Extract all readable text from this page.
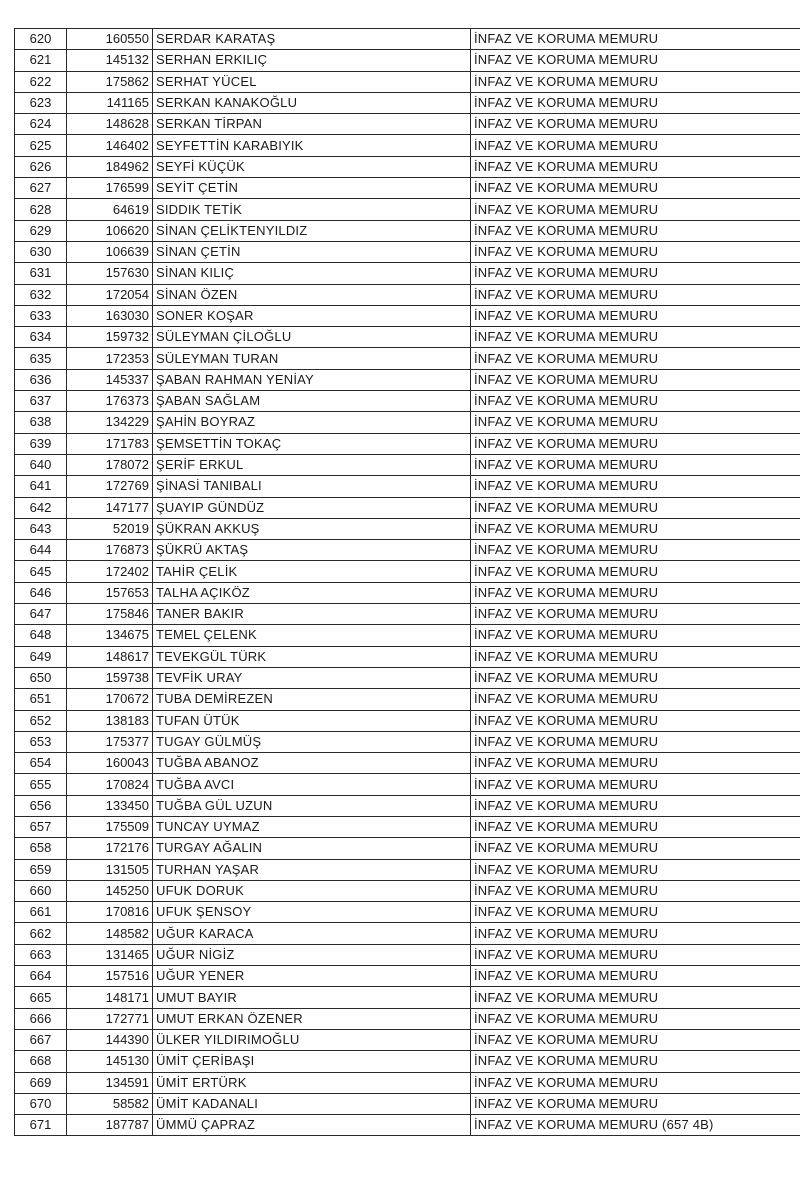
620	160550	SERDAR KARATAŞ	İNFAZ VE KORUMA MEMURU
621	145132	SERHAN ERKILIÇ	İNFAZ VE KORUMA MEMURU
622	175862	SERHAT YÜCEL	İNFAZ VE KORUMA MEMURU
623	141165	SERKAN KANAKOĞLU	İNFAZ VE KORUMA MEMURU
624	148628	SERKAN TİRPAN	İNFAZ VE KORUMA MEMURU
625	146402	SEYFETTİN KARABIYIK	İNFAZ VE KORUMA MEMURU
626	184962	SEYFİ KÜÇÜK	İNFAZ VE KORUMA MEMURU
627	176599	SEYİT ÇETİN	İNFAZ VE KORUMA MEMURU
628	64619	SIDDIK TETİK	İNFAZ VE KORUMA MEMURU
629	106620	SİNAN ÇELİKTENYILDIZ	İNFAZ VE KORUMA MEMURU
630	106639	SİNAN ÇETİN	İNFAZ VE KORUMA MEMURU
631	157630	SİNAN KILIÇ	İNFAZ VE KORUMA MEMURU
632	172054	SİNAN ÖZEN	İNFAZ VE KORUMA MEMURU
633	163030	SONER KOŞAR	İNFAZ VE KORUMA MEMURU
634	159732	SÜLEYMAN ÇİLOĞLU	İNFAZ VE KORUMA MEMURU
635	172353	SÜLEYMAN TURAN	İNFAZ VE KORUMA MEMURU
636	145337	ŞABAN RAHMAN YENİAY	İNFAZ VE KORUMA MEMURU
637	176373	ŞABAN SAĞLAM	İNFAZ VE KORUMA MEMURU
638	134229	ŞAHİN BOYRAZ	İNFAZ VE KORUMA MEMURU
639	171783	ŞEMSETTİN TOKAÇ	İNFAZ VE KORUMA MEMURU
640	178072	ŞERİF ERKUL	İNFAZ VE KORUMA MEMURU
641	172769	ŞİNASİ TANIBALI	İNFAZ VE KORUMA MEMURU
642	147177	ŞUAYIP GÜNDÜZ	İNFAZ VE KORUMA MEMURU
643	52019	ŞÜKRAN AKKUŞ	İNFAZ VE KORUMA MEMURU
644	176873	ŞÜKRÜ AKTAŞ	İNFAZ VE KORUMA MEMURU
645	172402	TAHİR ÇELİK	İNFAZ VE KORUMA MEMURU
646	157653	TALHA AÇIKÖZ	İNFAZ VE KORUMA MEMURU
647	175846	TANER BAKIR	İNFAZ VE KORUMA MEMURU
648	134675	TEMEL ÇELENK	İNFAZ VE KORUMA MEMURU
649	148617	TEVEKGÜL TÜRK	İNFAZ VE KORUMA MEMURU
650	159738	TEVFİK URAY	İNFAZ VE KORUMA MEMURU
651	170672	TUBA DEMİREZEN	İNFAZ VE KORUMA MEMURU
652	138183	TUFAN ÜTÜK	İNFAZ VE KORUMA MEMURU
653	175377	TUGAY GÜLMÜŞ	İNFAZ VE KORUMA MEMURU
654	160043	TUĞBA ABANOZ	İNFAZ VE KORUMA MEMURU
655	170824	TUĞBA AVCI	İNFAZ VE KORUMA MEMURU
656	133450	TUĞBA GÜL UZUN	İNFAZ VE KORUMA MEMURU
657	175509	TUNCAY UYMAZ	İNFAZ VE KORUMA MEMURU
658	172176	TURGAY AĞALIN	İNFAZ VE KORUMA MEMURU
659	131505	TURHAN YAŞAR	İNFAZ VE KORUMA MEMURU
660	145250	UFUK DORUK	İNFAZ VE KORUMA MEMURU
661	170816	UFUK ŞENSOY	İNFAZ VE KORUMA MEMURU
662	148582	UĞUR KARACA	İNFAZ VE KORUMA MEMURU
663	131465	UĞUR NİGİZ	İNFAZ VE KORUMA MEMURU
664	157516	UĞUR YENER	İNFAZ VE KORUMA MEMURU
665	148171	UMUT BAYIR	İNFAZ VE KORUMA MEMURU
666	172771	UMUT ERKAN ÖZENER	İNFAZ VE KORUMA MEMURU
667	144390	ÜLKER YILDIRIMOĞLU	İNFAZ VE KORUMA MEMURU
668	145130	ÜMİT ÇERİBAŞI	İNFAZ VE KORUMA MEMURU
669	134591	ÜMİT ERTÜRK	İNFAZ VE KORUMA MEMURU
670	58582	ÜMİT KADANALI	İNFAZ VE KORUMA MEMURU
671	187787	ÜMMÜ ÇAPRAZ	İNFAZ VE KORUMA MEMURU (657 4B)
